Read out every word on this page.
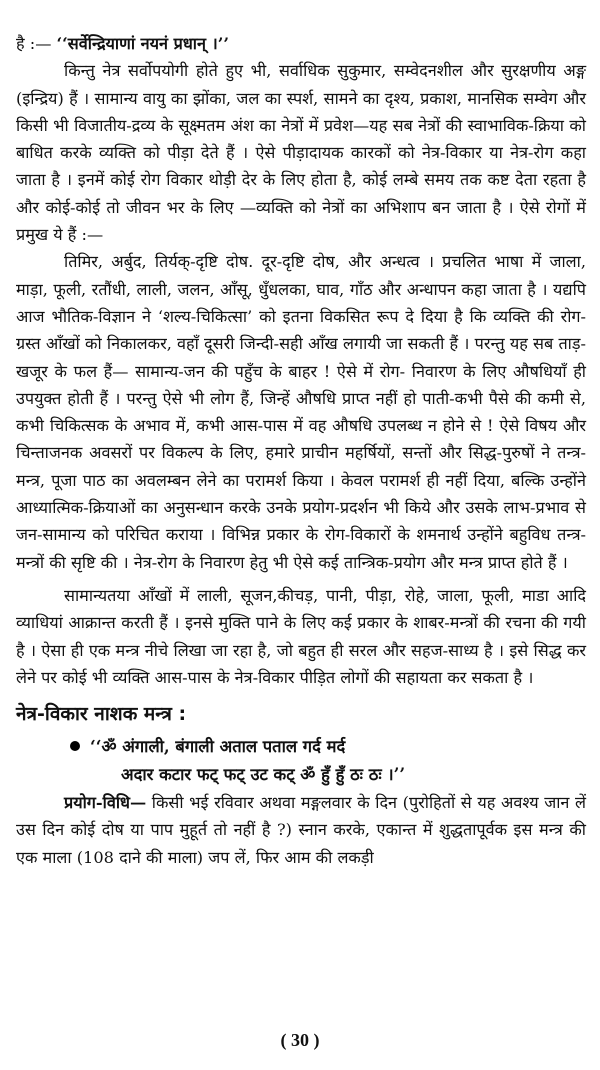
है :— ‘‘सर्वेन्द्रियाणां नयनं प्रधान् ।’’

किन्तु नेत्र सर्वोपयोगी होते हुए भी, सर्वाधिक सुकुमार, सम्वेदनशील और सुरक्षणीय अङ्ग (इन्द्रिय) हैं । सामान्य वायु का झोंका, जल का स्पर्श, सामने का दृश्य, प्रकाश, मानसिक सम्वेग और किसी भी विजातीय-द्रव्य के सूक्ष्मतम अंश का नेत्रों में प्रवेश—यह सब नेत्रों की स्वाभाविक-क्रिया को बाधित करके व्यक्ति को पीड़ा देते हैं । ऐसे पीड़ादायक कारकों को नेत्र-विकार या नेत्र-रोग कहा जाता है । इनमें कोई रोग विकार थोड़ी देर के लिए होता है, कोई लम्बे समय तक कष्ट देता रहता है और कोई-कोई तो जीवन भर के लिए —व्यक्ति को नेत्रों का अभिशाप बन जाता है । ऐसे रोगों में प्रमुख ये हैं :—

तिमिर, अर्बुद, तिर्यक्-दृष्टि दोष. दूर-दृष्टि दोष, और अन्धत्व । प्रचलित भाषा में जाला, माड़ा, फूली, रतौंधी, लाली, जलन, आँसू, धुँधलका, घाव, गाँठ और अन्धापन कहा जाता है । यद्यपि आज भौतिक-विज्ञान ने ‘शल्य-चिकित्सा’ को इतना विकसित रूप दे दिया है कि व्यक्ति की रोग-ग्रस्त आँखों को निकालकर, वहाँ दूसरी जिन्दी-सही आँख लगायी जा सकती हैं । परन्तु यह सब ताड़-खजूर के फल हैं— सामान्य-जन की पहुँच के बाहर ! ऐसे में रोग- निवारण के लिए औषधियाँ ही उपयुक्त होती हैं । परन्तु ऐसे भी लोग हैं, जिन्हें औषधि प्राप्त नहीं हो पाती-कभी पैसे की कमी से, कभी चिकित्सक के अभाव में, कभी आस-पास में वह औषधि उपलब्ध न होने से ! ऐसे विषय और चिन्ताजनक अवसरों पर विकल्प के लिए, हमारे प्राचीन महर्षियों, सन्तों और सिद्ध-पुरुषों ने तन्त्र-मन्त्र, पूजा पाठ का अवलम्बन लेने का परामर्श किया । केवल परामर्श ही नहीं दिया, बल्कि उन्होंने आध्यात्मिक-क्रियाओं का अनुसन्धान करके उनके प्रयोग-प्रदर्शन भी किये और उसके लाभ-प्रभाव से जन-सामान्य को परिचित कराया । विभिन्न प्रकार के रोग-विकारों के शमनार्थ उन्होंने बहुविध तन्त्र-मन्त्रों की सृष्टि की । नेत्र-रोग के निवारण हेतु भी ऐसे कई तान्त्रिक-प्रयोग और मन्त्र प्राप्त होते हैं ।

सामान्यतया आँखों में लाली, सूजन,कीचड़, पानी, पीड़ा, रोहे, जाला, फूली, माडा आदि व्याधियां आक्रान्त करती हैं । इनसे मुक्ति पाने के लिए कई प्रकार के शाबर-मन्त्रों की रचना की गयी है । ऐसा ही एक मन्त्र नीचे लिखा जा रहा है, जो बहुत ही सरल और सहज-साध्य है । इसे सिद्ध कर लेने पर कोई भी व्यक्ति आस-पास के नेत्र-विकार पीड़ित लोगों की सहायता कर सकता है ।

नेत्र-विकार नाशक मन्त्र :
‘‘ॐ अंगाली, बंगाली अताल पताल गर्द मर्द
अदार कटार फट् फट् उट कट् ॐ हुँ हुँ ठः ठः ।’’

प्रयोग-विधि— किसी भई रविवार अथवा मङ्गलवार के दिन (पुरोहितों से यह अवश्य जान लें उस दिन कोई दोष या पाप मुहूर्त तो नहीं है ?) स्नान करके, एकान्त में शुद्धतापूर्वक इस मन्त्र की एक माला (108 दाने की माला) जप लें, फिर आम की लकड़ी

( 30 )
